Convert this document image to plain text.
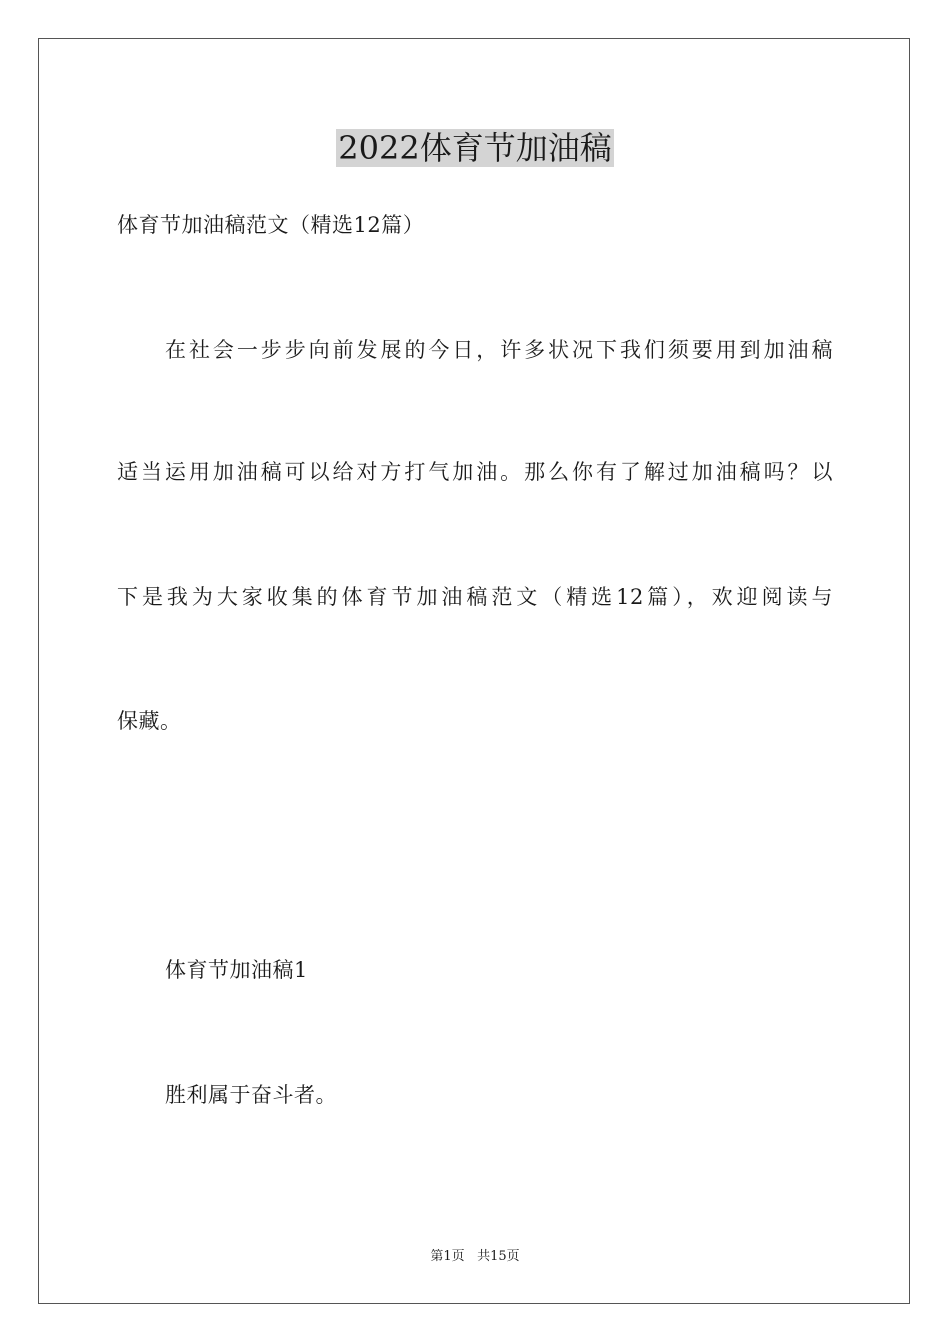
2022体育节加油稿
体育节加油稿范文（精选12篇）
在社会一步步向前发展的今日，许多状况下我们须要用到加油稿
适当运用加油稿可以给对方打气加油。那么你有了解过加油稿吗？以
下是我为大家收集的体育节加油稿范文（精选12篇），欢迎阅读与
保藏。
体育节加油稿1
胜利属于奋斗者。
第1页 共15页
